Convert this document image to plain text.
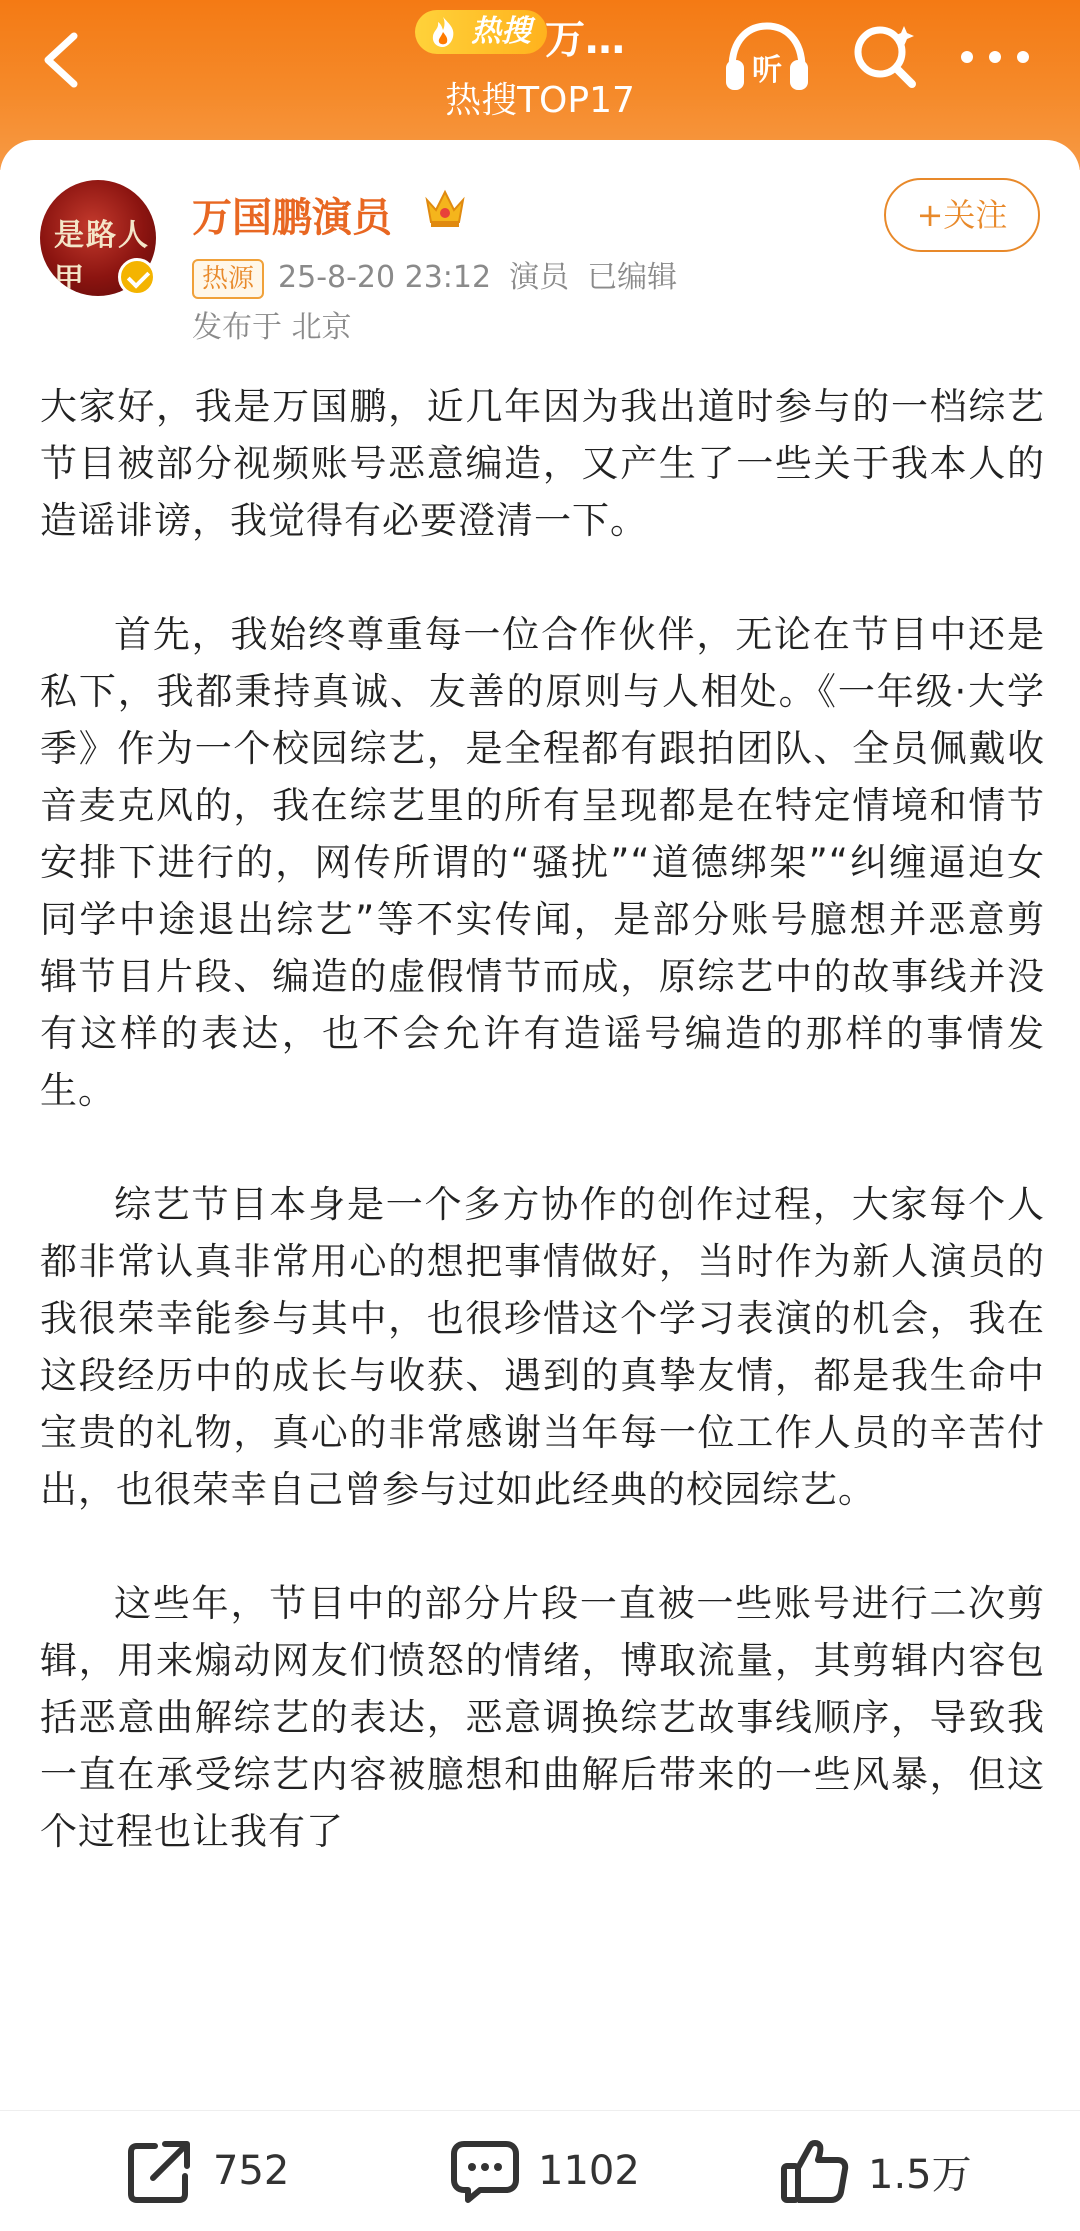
热搜 万…
热搜TOP17
听
是路人甲
万国鹏演员
热源 25-8-20 23:12 演员 已编辑
发布于 北京
+关注

大家好，我是万国鹏，近几年因为我出道时参与的一档综艺节目被部分视频账号恶意编造，又产生了一些关于我本人的造谣诽谤，我觉得有必要澄清一下。

首先，我始终尊重每一位合作伙伴，无论在节目中还是私下，我都秉持真诚、友善的原则与人相处。《一年级·大学季》作为一个校园综艺，是全程都有跟拍团队、全员佩戴收音麦克风的，我在综艺里的所有呈现都是在特定情境和情节安排下进行的，网传所谓的“骚扰”“道德绑架”“纠缠逼迫女同学中途退出综艺”等不实传闻，是部分账号臆想并恶意剪辑节目片段、编造的虚假情节而成，原综艺中的故事线并没有这样的表达，也不会允许有造谣号编造的那样的事情发生。

综艺节目本身是一个多方协作的创作过程，大家每个人都非常认真非常用心的想把事情做好，当时作为新人演员的我很荣幸能参与其中，也很珍惜这个学习表演的机会，我在这段经历中的成长与收获、遇到的真挚友情，都是我生命中宝贵的礼物，真心的非常感谢当年每一位工作人员的辛苦付出，也很荣幸自己曾参与过如此经典的校园综艺。

这些年，节目中的部分片段一直被一些账号进行二次剪辑，用来煽动网友们愤怒的情绪，博取流量，其剪辑内容包括恶意曲解综艺的表达，恶意调换综艺故事线顺序，导致我一直在承受综艺内容被臆想和曲解后带来的一些风暴，但这个过程也让我有了

752	1102	1.5万
